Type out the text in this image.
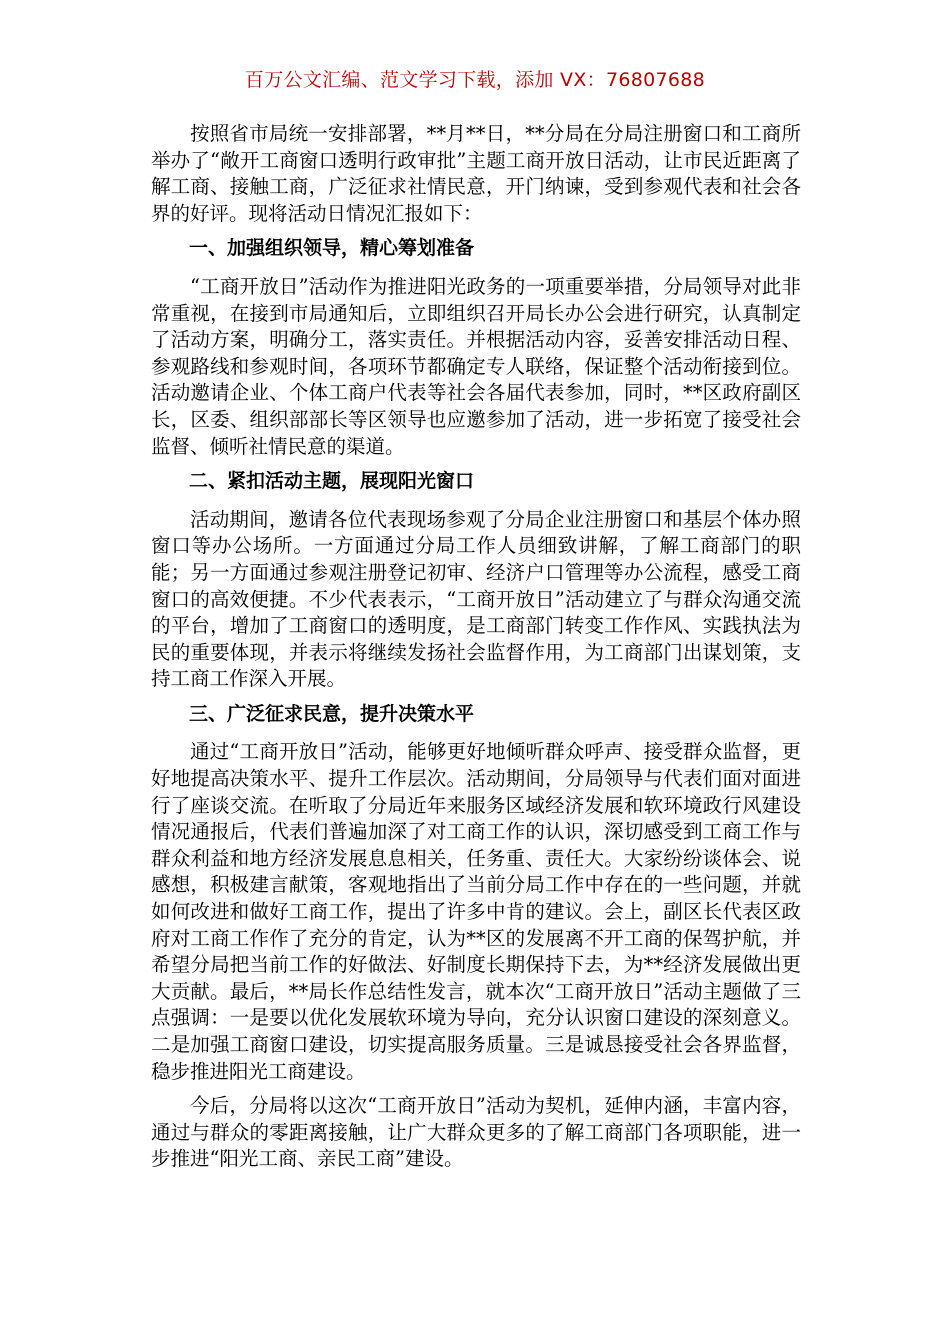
百万公文汇编、范文学习下载，添加 VX：76807688

按照省市局统一安排部署，**月**日，**分局在分局注册窗口和工商所举办了“敞开工商窗口透明行政审批”主题工商开放日活动，让市民近距离了解工商、接触工商，广泛征求社情民意，开门纳谏，受到参观代表和社会各界的好评。现将活动日情况汇报如下：

一、加强组织领导，精心筹划准备

“工商开放日”活动作为推进阳光政务的一项重要举措，分局领导对此非常重视，在接到市局通知后，立即组织召开局长办公会进行研究，认真制定了活动方案，明确分工，落实责任。并根据活动内容，妥善安排活动日程、参观路线和参观时间，各项环节都确定专人联络，保证整个活动衔接到位。活动邀请企业、个体工商户代表等社会各届代表参加，同时，**区政府副区长，区委、组织部部长等区领导也应邀参加了活动，进一步拓宽了接受社会监督、倾听社情民意的渠道。

二、紧扣活动主题，展现阳光窗口

活动期间，邀请各位代表现场参观了分局企业注册窗口和基层个体办照窗口等办公场所。一方面通过分局工作人员细致讲解，了解工商部门的职能；另一方面通过参观注册登记初审、经济户口管理等办公流程，感受工商窗口的高效便捷。不少代表表示，“工商开放日”活动建立了与群众沟通交流的平台，增加了工商窗口的透明度，是工商部门转变工作作风、实践执法为民的重要体现，并表示将继续发扬社会监督作用，为工商部门出谋划策，支持工商工作深入开展。

三、广泛征求民意，提升决策水平

通过“工商开放日”活动，能够更好地倾听群众呼声、接受群众监督，更好地提高决策水平、提升工作层次。活动期间，分局领导与代表们面对面进行了座谈交流。在听取了分局近年来服务区域经济发展和软环境政行风建设情况通报后，代表们普遍加深了对工商工作的认识，深切感受到工商工作与群众利益和地方经济发展息息相关，任务重、责任大。大家纷纷谈体会、说感想，积极建言献策，客观地指出了当前分局工作中存在的一些问题，并就如何改进和做好工商工作，提出了许多中肯的建议。会上，副区长代表区政府对工商工作作了充分的肯定，认为**区的发展离不开工商的保驾护航，并希望分局把当前工作的好做法、好制度长期保持下去，为**经济发展做出更大贡献。最后，**局长作总结性发言，就本次“工商开放日”活动主题做了三点强调：一是要以优化发展软环境为导向，充分认识窗口建设的深刻意义。二是加强工商窗口建设，切实提高服务质量。三是诚恳接受社会各界监督，稳步推进阳光工商建设。

今后，分局将以这次“工商开放日”活动为契机，延伸内涵，丰富内容，通过与群众的零距离接触，让广大群众更多的了解工商部门各项职能，进一步推进“阳光工商、亲民工商”建设。
